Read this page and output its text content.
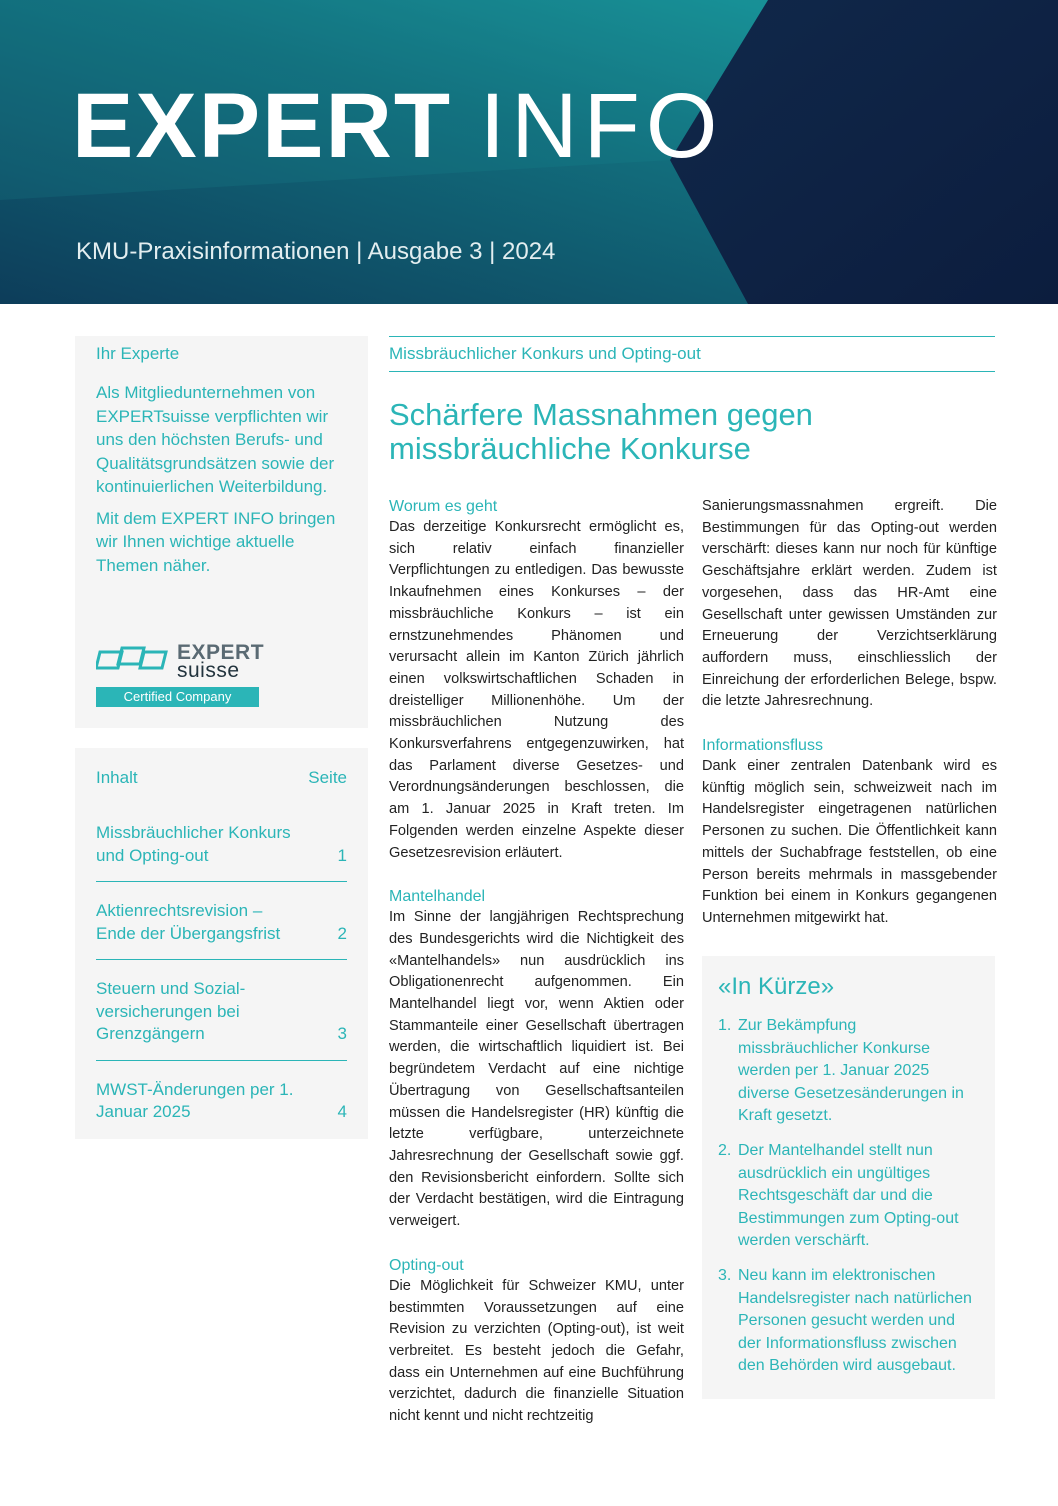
EXPERT INFO
KMU-Praxisinformationen | Ausgabe 3 | 2024
Ihr Experte
Als Mitgliedunternehmen von EXPERTsuisse verpflichten wir uns den höchsten Berufs- und Qualitätsgrundsätzen sowie der kontinuierlichen Weiterbildung.
Mit dem EXPERT INFO bringen wir Ihnen wichtige aktuelle Themen näher.
EXPERT
suisse
Certified Company
Inhalt	Seite
Missbräuchlicher Konkurs und Opting-out	1
Aktienrechtsrevision – Ende der Übergangsfrist	2
Steuern und Sozial-versicherungen bei Grenzgängern	3
MWST-Änderungen per 1. Januar 2025	4
Missbräuchlicher Konkurs und Opting-out
Schärfere Massnahmen gegen missbräuchliche Konkurse
Worum es geht

Das derzeitige Konkursrecht ermöglicht es, sich relativ einfach finanzieller Verpflichtungen zu entledigen. Das bewusste Inkaufnehmen eines Konkurses – der missbräuchliche Konkurs – ist ein ernstzunehmendes Phänomen und verursacht allein im Kanton Zürich jährlich einen volkswirtschaftlichen Schaden in dreistelliger Millionenhöhe. Um der missbräuchlichen Nutzung des Konkursverfahrens entgegenzuwirken, hat das Parlament diverse Gesetzes- und Verordnungsänderungen beschlossen, die am 1. Januar 2025 in Kraft treten. Im Folgenden werden einzelne Aspekte dieser Gesetzesrevision erläutert.

Mantelhandel

Im Sinne der langjährigen Rechtsprechung des Bundesgerichts wird die Nichtigkeit des «Mantelhandels» nun ausdrücklich ins Obligationenrecht aufgenommen. Ein Mantelhandel liegt vor, wenn Aktien oder Stammanteile einer Gesellschaft übertragen werden, die wirtschaftlich liquidiert ist. Bei begründetem Verdacht auf eine nichtige Übertragung von Gesellschaftsanteilen müssen die Handelsregister (HR) künftig die letzte verfügbare, unterzeichnete Jahresrechnung der Gesellschaft sowie ggf. den Revisionsbericht einfordern. Sollte sich der Verdacht bestätigen, wird die Eintragung verweigert.

Opting-out

Die Möglichkeit für Schweizer KMU, unter bestimmten Voraussetzungen auf eine Revision zu verzichten (Opting-out), ist weit verbreitet. Es besteht jedoch die Gefahr, dass ein Unternehmen auf eine Buchführung verzichtet, dadurch die finanzielle Situation nicht kennt und nicht rechtzeitig

Sanierungsmassnahmen ergreift. Die Bestimmungen für das Opting-out werden verschärft: dieses kann nur noch für künftige Geschäftsjahre erklärt werden. Zudem ist vorgesehen, dass das HR-Amt eine Gesellschaft unter gewissen Umständen zur Erneuerung der Verzichtserklärung auffordern muss, einschliesslich der Einreichung der erforderlichen Belege, bspw. die letzte Jahresrechnung.

Informationsfluss

Dank einer zentralen Datenbank wird es künftig möglich sein, schweizweit nach im Handelsregister eingetragenen natürlichen Personen zu suchen. Die Öffentlichkeit kann mittels der Suchabfrage feststellen, ob eine Person bereits mehrmals in massgebender Funktion bei einem in Konkurs gegangenen Unternehmen mitgewirkt hat.

«In Kürze»
1. Zur Bekämpfung missbräuchlicher Konkurse werden per 1. Januar 2025 diverse Gesetzesänderungen in Kraft gesetzt.
2. Der Mantelhandel stellt nun ausdrücklich ein ungültiges Rechtsgeschäft dar und die Bestimmungen zum Opting-out werden verschärft.
3. Neu kann im elektronischen Handelsregister nach natürlichen Personen gesucht werden und der Informationsfluss zwischen den Behörden wird ausgebaut.
